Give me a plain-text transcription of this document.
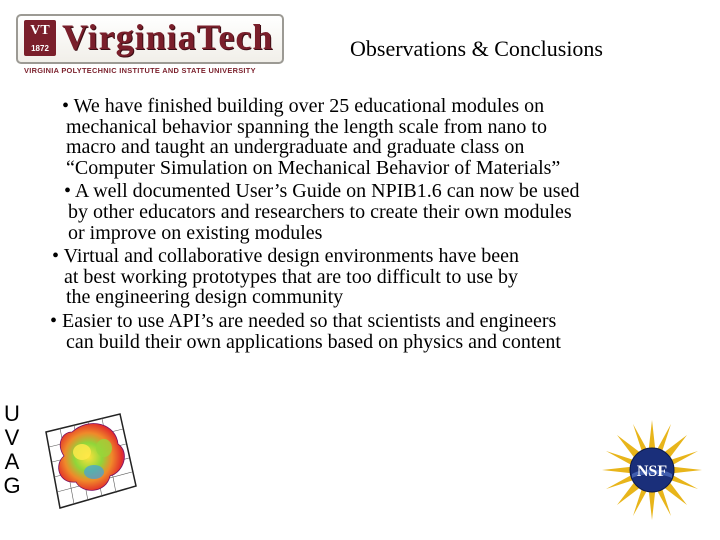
VT
1872 VirginiaTech
VIRGINIA POLYTECHNIC INSTITUTE AND STATE UNIVERSITY
Observations & Conclusions
• We have finished building over 25 educational modules on
mechanical behavior spanning the length scale from nano to
macro and taught an undergraduate and graduate class on
“Computer Simulation on Mechanical Behavior of Materials”
• A well documented User’s Guide on NPIB1.6 can now be used
by other educators and researchers to create their own modules
or improve on existing modules
• Virtual and collaborative design environments have been
at best working prototypes that are too difficult to use by
the engineering design community
• Easier to use API’s are needed so that scientists and engineers
can build their own applications based on physics and content
U
V
A
G
NSF
